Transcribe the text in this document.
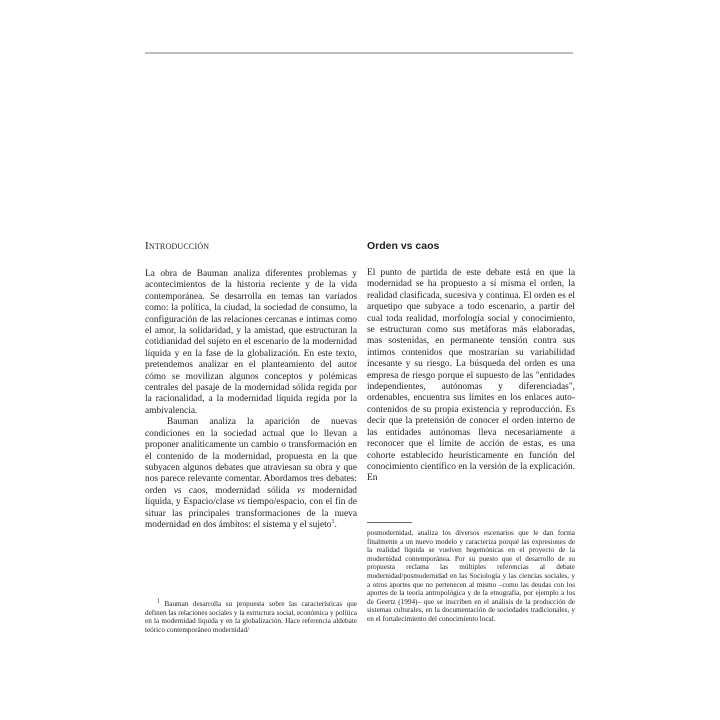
Introducción

La obra de Bauman analiza diferentes problemas y acontecimientos de la historia reciente y de la vida contemporánea. Se desarrolla en temas tan variados como: la política, la ciudad, la sociedad de consumo, la configuración de las relaciones cercanas e íntimas como el amor, la solidaridad, y la amistad, que estructuran la cotidianidad del sujeto en el escenario de la modernidad líquida y en la fase de la globalización. En este texto, pretendemos analizar en el planteamiento del autor cómo se movilizan algunos conceptos y polémicas centrales del pasaje de la modernidad sólida regida por la racionalidad, a la modernidad líquida regida por la ambivalencia.

Bauman analiza la aparición de nuevas condiciones en la sociedad actual que lo llevan a proponer analíticamente un cambio o transformación en el contenido de la modernidad, propuesta en la que subyacen algunos debates que atraviesan su obra y que nos parece relevante comentar. Abordamos tres debates: orden vs caos, modernidad sólida vs modernidad líquida, y Espacio/clase vs tiempo/espacio, con el fin de situar las principales transformaciones de la nueva modernidad en dos ámbitos: el sistema y el sujeto$^1$.

$^1$ Bauman desarrolla su propuesta sobre las características que definen las relaciones sociales y la estructura social, económica y política en la modernidad líquida y en la globalización. Hace referencia aldebate teórico contemporáneo modernidad/

Orden vs caos

El punto de partida de este debate está en que la modernidad se ha propuesto a sí misma el orden, la realidad clasificada, sucesiva y continua. El orden es el arquetipo que subyace a todo escenario, a partir del cual toda realidad, morfología social y conocimiento, se estructuran como sus metáforas más elaboradas, mas sostenidas, en permanente tensión contra sus íntimos contenidos que mostrarían su variabilidad incesante y su riesgo. La búsqueda del orden es una empresa de riesgo porque el supuesto de las "entidades independientes, autónomas y diferenciadas", ordenables, encuentra sus límites en los enlaces auto-contenidos de su propia existencia y reproducción. Es decir que la pretensión de conocer el orden interno de las entidades autónomas lleva necesariamente a reconocer que el límite de acción de estas, es una cohorte establecido heurísticamente en función del conocimiento científico en la versión de la explicación. En

posmodernidad, analiza los diversos escenarios que le dan forma finalmente a un nuevo modelo y caracteriza porqué las expresiones de la realidad líquida se vuelven hegemónicas en el proyecto de la modernidad contemporánea. Por su puesto que el desarrollo de su propuesta reclama las múltiples referencias al debate modernidad/posmodernidad en las Sociología y las ciencias sociales, y a otros aportes que no pertenecen al mismo –como las deudas con los aportes de la teoría antropológica y de la etnografía, por ejemplo a los de Geertz (1994)– que se inscriben en el análisis de la producción de sistemas culturales, en la documentación de sociedades tradicionales, y en el fortalecimiento del conocimiento local.
